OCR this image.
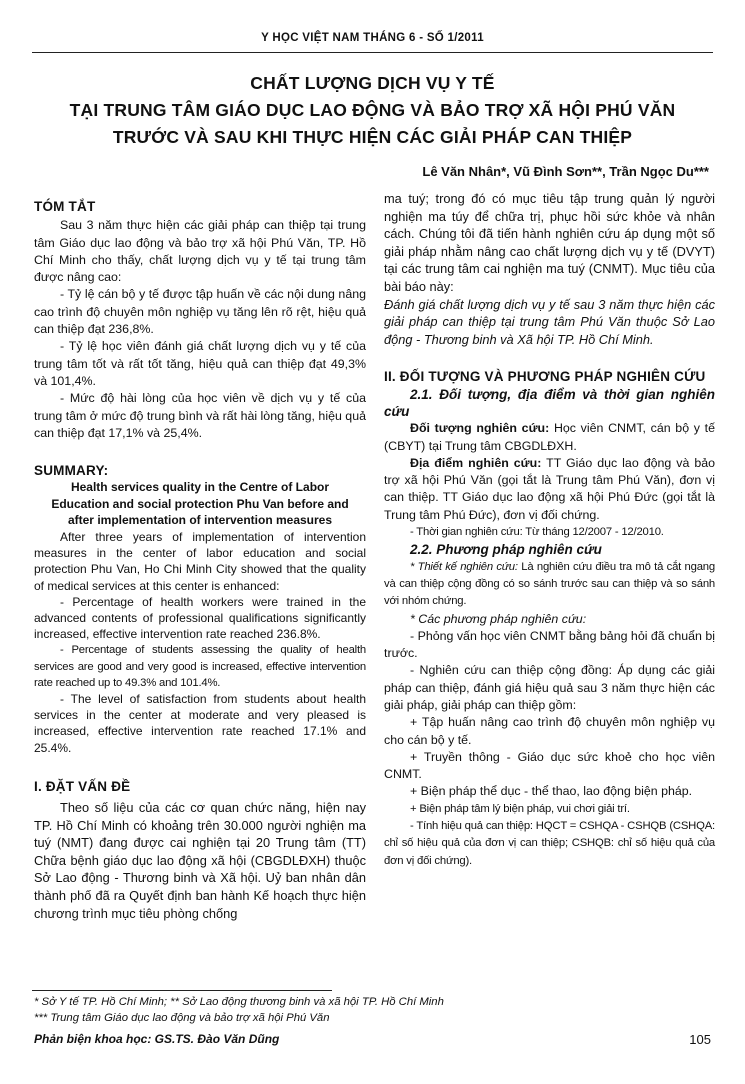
Y HỌC VIỆT NAM THÁNG 6 - SỐ 1/2011
CHẤT LƯỢNG DỊCH VỤ Y TẾ
TẠI TRUNG TÂM GIÁO DỤC LAO ĐỘNG VÀ BẢO TRỢ XÃ HỘI PHÚ VĂN
TRƯỚC VÀ SAU KHI THỰC HIỆN CÁC GIẢI PHÁP CAN THIỆP
Lê Văn Nhân*, Vũ Đình Sơn**, Trần Ngọc Du***

TÓM TẮT

Sau 3 năm thực hiện các giải pháp can thiệp tại trung tâm Giáo dục lao động và bảo trợ xã hội Phú Văn, TP. Hồ Chí Minh cho thấy, chất lượng dịch vụ y tế tại trung tâm được nâng cao:

- Tỷ lệ cán bộ y tế được tập huấn về các nội dung nâng cao trình độ chuyên môn nghiệp vụ tăng lên rõ rệt, hiệu quả can thiệp đạt 236,8%.

- Tỷ lệ học viên đánh giá chất lượng dịch vụ y tế của trung tâm tốt và rất tốt tăng, hiệu quả can thiệp đạt 49,3% và 101,4%.

- Mức độ hài lòng của học viên về dịch vụ y tế của trung tâm ở mức độ trung bình và rất hài lòng tăng, hiệu quả can thiệp đạt 17,1% và 25,4%.

SUMMARY:

Health services quality in the Centre of Labor
Education and social protection Phu Van before and
after implementation of intervention measures

After three years of implementation of intervention measures in the center of labor education and social protection Phu Van, Ho Chi Minh City showed that the quality of medical services at this center is enhanced:

- Percentage of health workers were trained in the advanced contents of professional qualifications significantly increased, effective intervention rate reached 236.8%.

- Percentage of students assessing the quality of health services are good and very good is increased, effective intervention rate reached up to 49.3% and 101.4%.

- The level of satisfaction from students about health services in the center at moderate and very pleased is increased, effective intervention rate reached 17.1% and 25.4%.

I. ĐẶT VẤN ĐỀ

Theo số liệu của các cơ quan chức năng, hiện nay TP. Hồ Chí Minh có khoảng trên 30.000 người nghiện ma tuý (NMT) đang được cai nghiện tại 20 Trung tâm (TT) Chữa bệnh giáo dục lao động xã hội (CBGDLĐXH) thuộc Sở Lao động - Thương binh và Xã hội. Uỷ ban nhân dân thành phố đã ra Quyết định ban hành Kế hoạch thực hiện chương trình mục tiêu phòng chống

ma tuý; trong đó có mục tiêu tập trung quản lý người nghiện ma túy để chữa trị, phục hồi sức khỏe và nhân cách. Chúng tôi đã tiến hành nghiên cứu áp dụng một số giải pháp nhằm nâng cao chất lượng dịch vụ y tế (DVYT) tại các trung tâm cai nghiện ma tuý (CNMT). Mục tiêu của bài báo này:

Đánh giá chất lượng dịch vụ y tế sau 3 năm thực hiện các giải pháp can thiệp tại trung tâm Phú Văn thuộc Sở Lao động - Thương binh và Xã hội TP. Hồ Chí Minh.

II. ĐỐI TƯỢNG VÀ PHƯƠNG PHÁP NGHIÊN CỨU

2.1. Đối tượng, địa điểm và thời gian nghiên cứu

Đối tượng nghiên cứu: Học viên CNMT, cán bộ y tế (CBYT) tại Trung tâm CBGDLĐXH.

Địa điểm nghiên cứu: TT Giáo dục lao động và bảo trợ xã hội Phú Văn (gọi tắt là Trung tâm Phú Văn), đơn vị can thiệp. TT Giáo dục lao động xã hội Phú Đức (gọi tắt là Trung tâm Phú Đức), đơn vị đối chứng.

- Thời gian nghiên cứu: Từ tháng 12/2007 - 12/2010.

2.2. Phương pháp nghiên cứu

* Thiết kế nghiên cứu: Là nghiên cứu điều tra mô tả cắt ngang và can thiệp cộng đồng có so sánh trước sau can thiệp và so sánh với nhóm chứng.

* Các phương pháp nghiên cứu:

- Phỏng vấn học viên CNMT bằng bảng hỏi đã chuẩn bị trước.

- Nghiên cứu can thiệp cộng đồng: Áp dụng các giải pháp can thiệp, đánh giá hiệu quả sau 3 năm thực hiện các giải pháp, giải pháp can thiệp gồm:

+ Tập huấn nâng cao trình độ chuyên môn nghiệp vụ cho cán bộ y tế.

+ Truyền thông - Giáo dục sức khoẻ cho học viên CNMT.

+ Biện pháp thể dục - thể thao, lao động biện pháp.

+ Biện pháp tâm lý biện pháp, vui chơi giải trí.

- Tính hiệu quả can thiệp: HQCT = CSHQA - CSHQB (CSHQA: chỉ số hiệu quả của đơn vị can thiệp; CSHQB: chỉ số hiệu quả của đơn vị đối chứng).

* Sở Y tế TP. Hồ Chí Minh; ** Sở Lao động thương binh và xã hội TP. Hồ Chí Minh
*** Trung tâm Giáo dục lao động và bảo trợ xã hội Phú Văn
Phản biện khoa học: GS.TS. Đào Văn Dũng	105
